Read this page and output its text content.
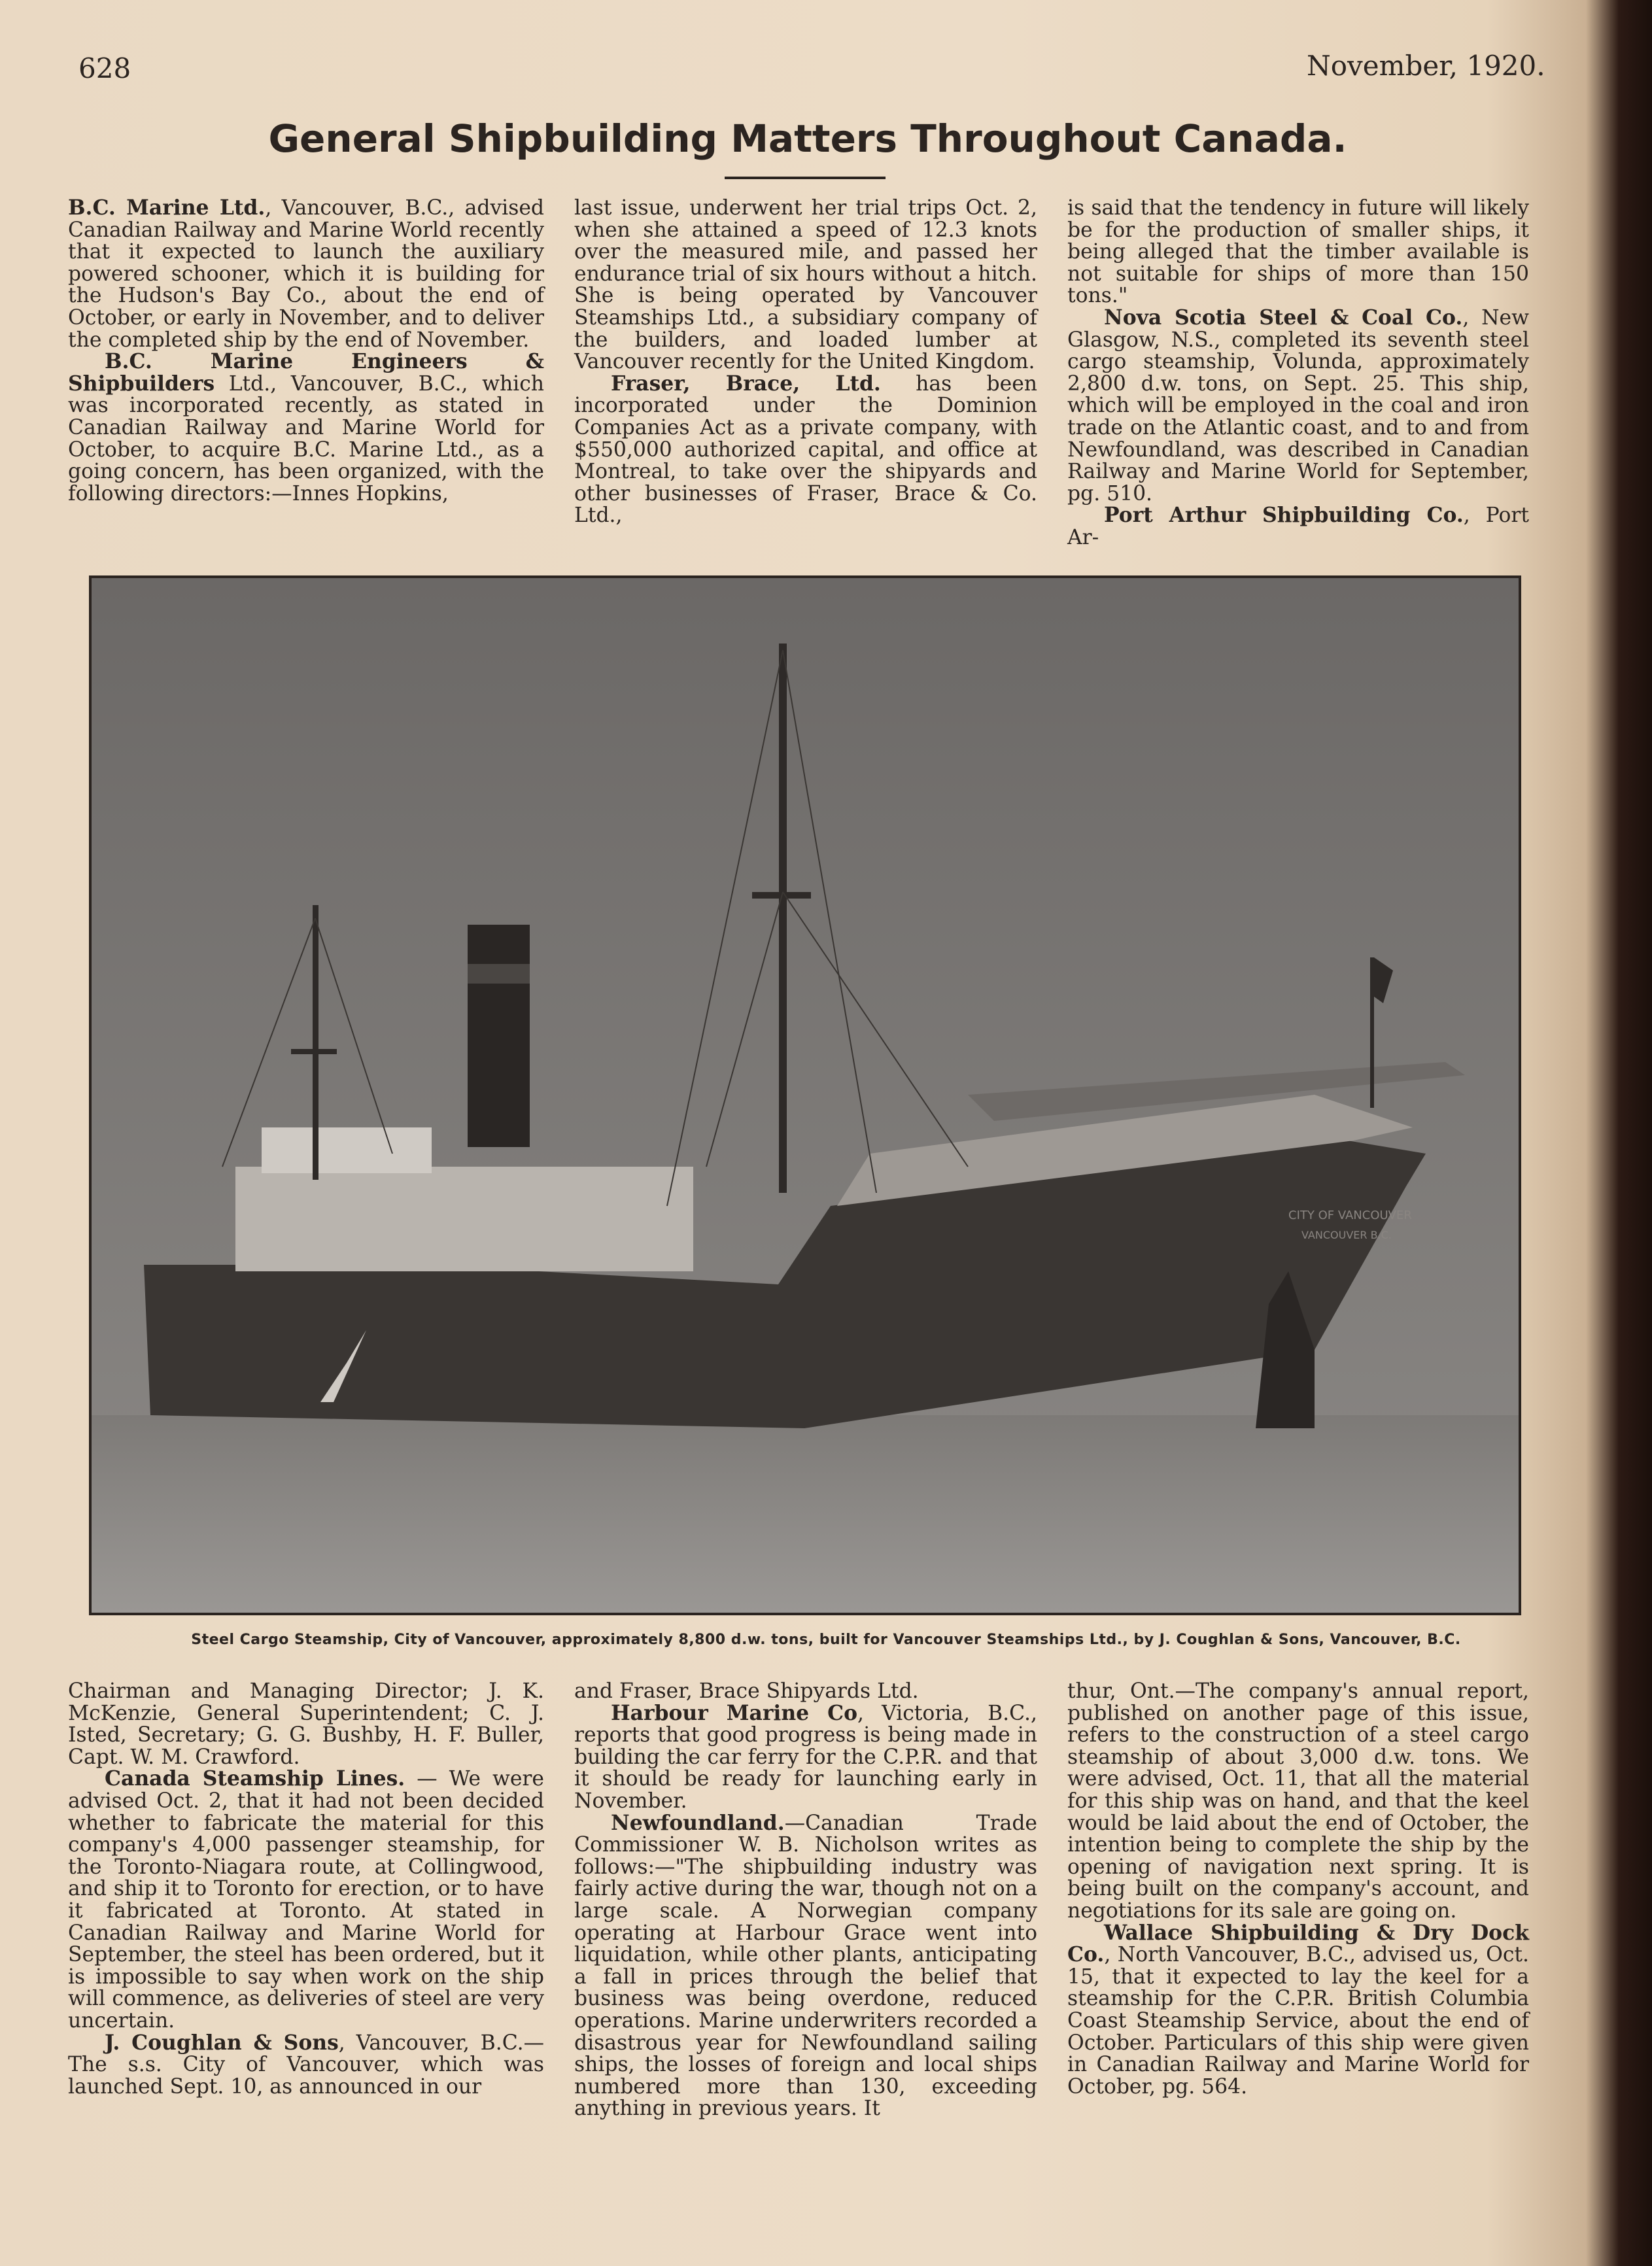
628	November, 1920.
General Shipbuilding Matters Throughout Canada.

B.C. Marine Ltd., Vancouver, B.C., advised Canadian Railway and Marine World recently that it expected to launch the auxiliary powered schooner, which it is building for the Hudson's Bay Co., about the end of October, or early in November, and to deliver the completed ship by the end of November.

B.C. Marine Engineers & Shipbuilders Ltd., Vancouver, B.C., which was incorporated recently, as stated in Canadian Railway and Marine World for October, to acquire B.C. Marine Ltd., as a going concern, has been organized, with the following directors:—Innes Hopkins,

last issue, underwent her trial trips Oct. 2, when she attained a speed of 12.3 knots over the measured mile, and passed her endurance trial of six hours without a hitch. She is being operated by Vancouver Steamships Ltd., a subsidiary company of the builders, and loaded lumber at Vancouver recently for the United Kingdom.

Fraser, Brace, Ltd. has been incorporated under the Dominion Companies Act as a private company, with $550,000 authorized capital, and office at Montreal, to take over the shipyards and other businesses of Fraser, Brace & Co. Ltd.,

is said that the tendency in future will likely be for the production of smaller ships, it being alleged that the timber available is not suitable for ships of more than 150 tons."

Nova Scotia Steel & Coal Co., New Glasgow, N.S., completed its seventh steel cargo steamship, Volunda, approximately 2,800 d.w. tons, on Sept. 25. This ship, which will be employed in the coal and iron trade on the Atlantic coast, and to and from Newfoundland, was described in Canadian Railway and Marine World for September, pg. 510.

Port Arthur Shipbuilding Co., Port Ar-

CITY OF VANCOUVER
VANCOUVER B.C.
Steel Cargo Steamship, City of Vancouver, approximately 8,800 d.w. tons, built for Vancouver Steamships Ltd., by J. Coughlan & Sons, Vancouver, B.C.

Chairman and Managing Director; J. K. McKenzie, General Superintendent; C. J. Isted, Secretary; G. G. Bushby, H. F. Buller, Capt. W. M. Crawford.

Canada Steamship Lines. — We were advised Oct. 2, that it had not been decided whether to fabricate the material for this company's 4,000 passenger steamship, for the Toronto-Niagara route, at Collingwood, and ship it to Toronto for erection, or to have it fabricated at Toronto. At stated in Canadian Railway and Marine World for September, the steel has been ordered, but it is impossible to say when work on the ship will commence, as deliveries of steel are very uncertain.

J. Coughlan & Sons, Vancouver, B.C.— The s.s. City of Vancouver, which was launched Sept. 10, as announced in our

and Fraser, Brace Shipyards Ltd.

Harbour Marine Co, Victoria, B.C., reports that good progress is being made in building the car ferry for the C.P.R. and that it should be ready for launching early in November.

Newfoundland.—Canadian Trade Commissioner W. B. Nicholson writes as follows:—"The shipbuilding industry was fairly active during the war, though not on a large scale. A Norwegian company operating at Harbour Grace went into liquidation, while other plants, anticipating a fall in prices through the belief that business was being overdone, reduced operations. Marine underwriters recorded a disastrous year for Newfoundland sailing ships, the losses of foreign and local ships numbered more than 130, exceeding anything in previous years. It

thur, Ont.—The company's annual report, published on another page of this issue, refers to the construction of a steel cargo steamship of about 3,000 d.w. tons. We were advised, Oct. 11, that all the material for this ship was on hand, and that the keel would be laid about the end of October, the intention being to complete the ship by the opening of navigation next spring. It is being built on the company's account, and negotiations for its sale are going on.

Wallace Shipbuilding & Dry Dock Co., North Vancouver, B.C., advised us, Oct. 15, that it expected to lay the keel for a steamship for the C.P.R. British Columbia Coast Steamship Service, about the end of October. Particulars of this ship were given in Canadian Railway and Marine World for October, pg. 564.
